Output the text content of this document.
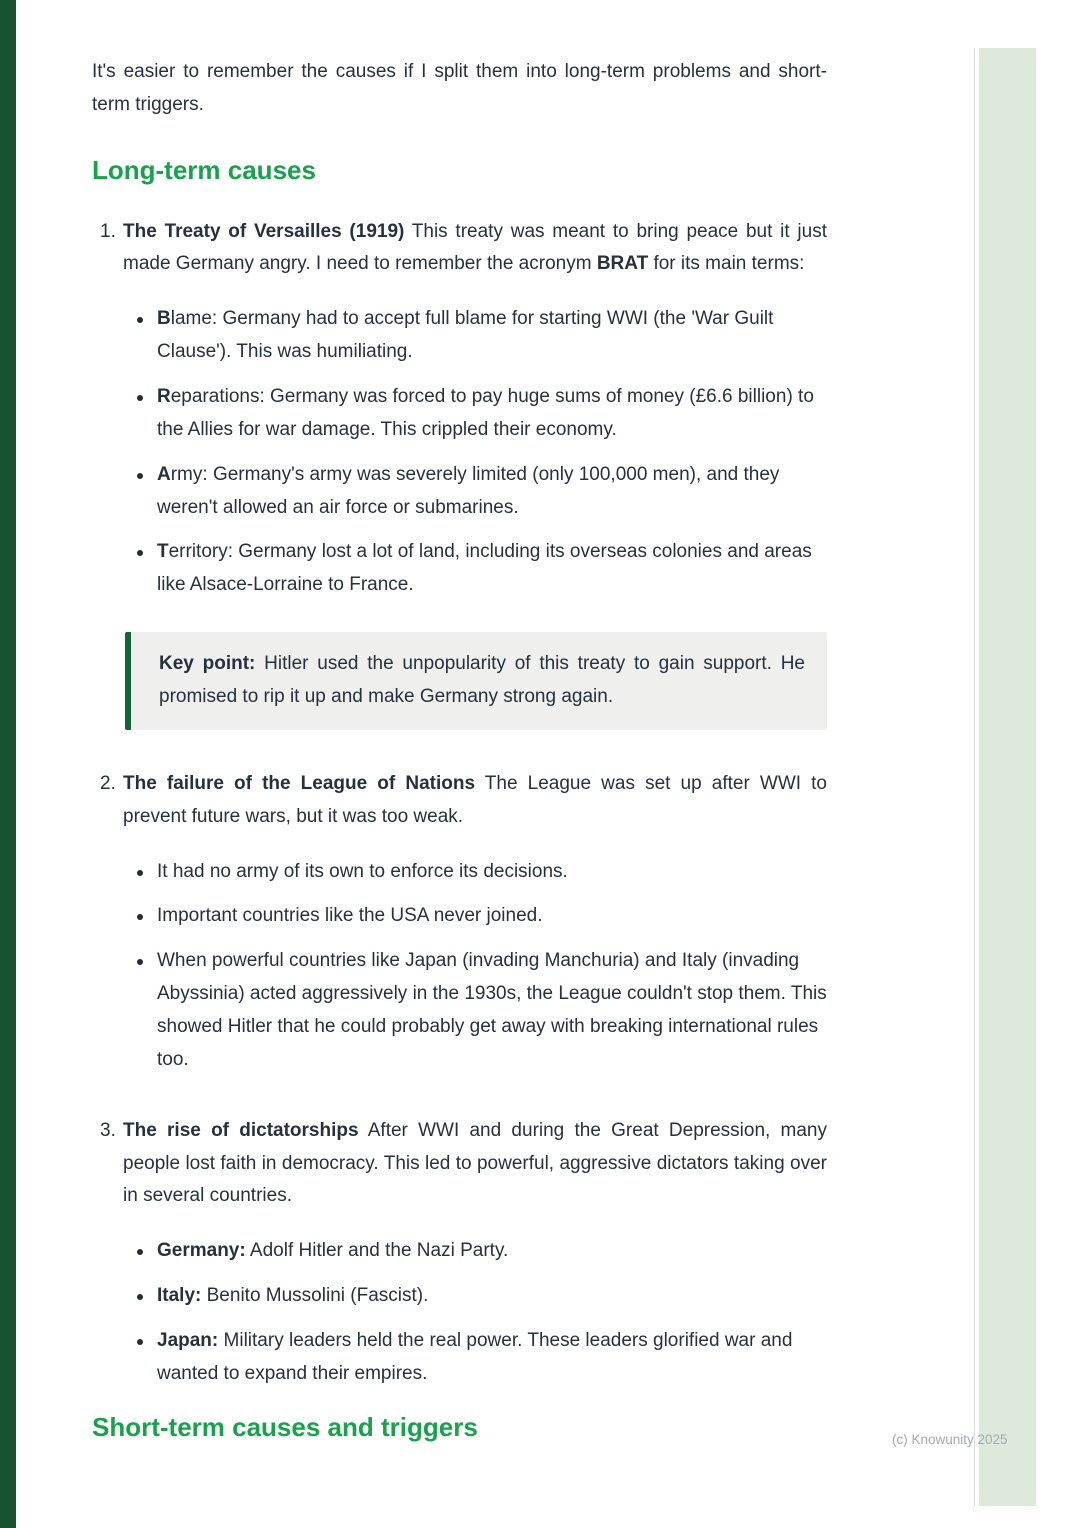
It's easier to remember the causes if I split them into long-term problems and short-term triggers.

Long-term causes
1. The Treaty of Versailles (1919) This treaty was meant to bring peace but it just made Germany angry. I need to remember the acronym BRAT for its main terms:

Blame: Germany had to accept full blame for starting WWI (the 'War Guilt Clause'). This was humiliating.

Reparations: Germany was forced to pay huge sums of money (£6.6 billion) to the Allies for war damage. This crippled their economy.

Army: Germany's army was severely limited (only 100,000 men), and they weren't allowed an air force or submarines.

Territory: Germany lost a lot of land, including its overseas colonies and areas like Alsace-Lorraine to France.

Key point: Hitler used the unpopularity of this treaty to gain support. He promised to rip it up and make Germany strong again.

2. The failure of the League of Nations The League was set up after WWI to prevent future wars, but it was too weak.

It had no army of its own to enforce its decisions.

Important countries like the USA never joined.

When powerful countries like Japan (invading Manchuria) and Italy (invading Abyssinia) acted aggressively in the 1930s, the League couldn't stop them. This showed Hitler that he could probably get away with breaking international rules too.

3. The rise of dictatorships After WWI and during the Great Depression, many people lost faith in democracy. This led to powerful, aggressive dictators taking over in several countries.

Germany: Adolf Hitler and the Nazi Party.

Italy: Benito Mussolini (Fascist).

Japan: Military leaders held the real power. These leaders glorified war and wanted to expand their empires.

Short-term causes and triggers	(c) Knowunity 2025
